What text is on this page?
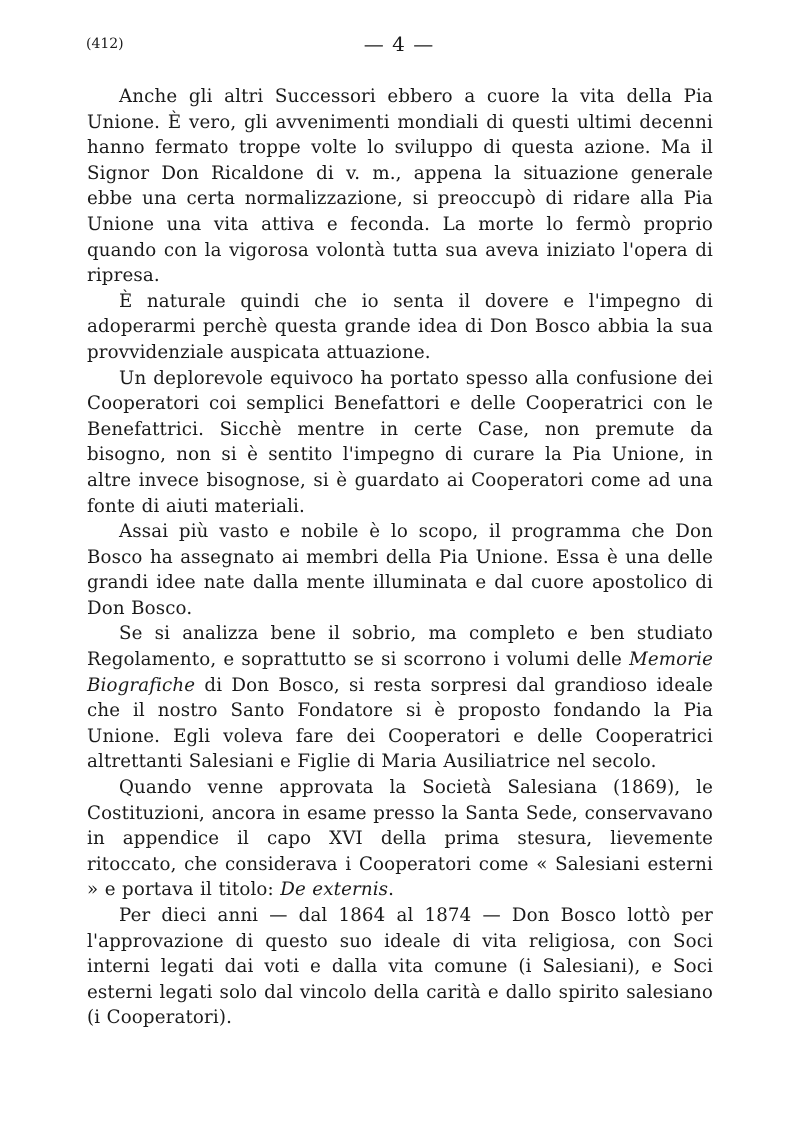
(412)	— 4 —

Anche gli altri Successori ebbero a cuore la vita della Pia Unione. È vero, gli avvenimenti mondiali di questi ultimi decenni hanno fermato troppe volte lo sviluppo di questa azione. Ma il Signor Don Ricaldone di v. m., appena la situazione generale ebbe una certa normalizzazione, si preoccupò di ridare alla Pia Unione una vita attiva e feconda. La morte lo fermò proprio quando con la vigorosa volontà tutta sua aveva iniziato l'opera di ripresa.

È naturale quindi che io senta il dovere e l'impegno di adoperarmi perchè questa grande idea di Don Bosco abbia la sua provvidenziale auspicata attuazione.

Un deplorevole equivoco ha portato spesso alla confusione dei Cooperatori coi semplici Benefattori e delle Cooperatrici con le Benefattrici. Sicchè mentre in certe Case, non premute da bisogno, non si è sentito l'impegno di curare la Pia Unione, in altre invece bisognose, si è guardato ai Cooperatori come ad una fonte di aiuti materiali.

Assai più vasto e nobile è lo scopo, il programma che Don Bosco ha assegnato ai membri della Pia Unione. Essa è una delle grandi idee nate dalla mente illuminata e dal cuore apostolico di Don Bosco.

Se si analizza bene il sobrio, ma completo e ben studiato Regolamento, e soprattutto se si scorrono i volumi delle Memorie Biografiche di Don Bosco, si resta sorpresi dal grandioso ideale che il nostro Santo Fondatore si è proposto fondando la Pia Unione. Egli voleva fare dei Cooperatori e delle Cooperatrici altrettanti Salesiani e Figlie di Maria Ausiliatrice nel secolo.

Quando venne approvata la Società Salesiana (1869), le Costituzioni, ancora in esame presso la Santa Sede, conservavano in appendice il capo XVI della prima stesura, lievemente ritoccato, che considerava i Cooperatori come « Salesiani esterni » e portava il titolo: De externis.

Per dieci anni — dal 1864 al 1874 — Don Bosco lottò per l'approvazione di questo suo ideale di vita religiosa, con Soci interni legati dai voti e dalla vita comune (i Salesiani), e Soci esterni legati solo dal vincolo della carità e dallo spirito salesiano (i Cooperatori).
